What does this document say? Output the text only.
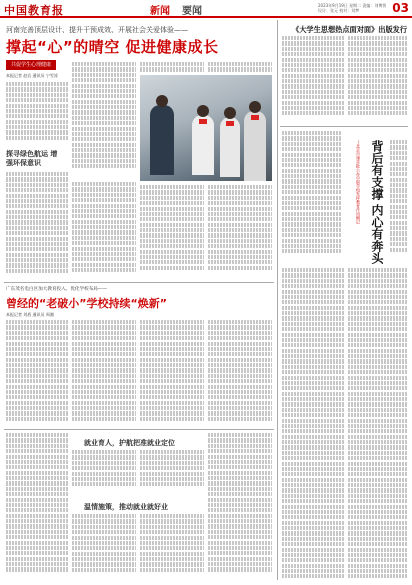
中国教育报	新闻 要闻
2023年9月19日 星期二 责编：刘博智 设计：张元 校对：刘梦	03
河南完善顶层设计、提升干预成效、开展社会关爱体验——
撑起“心”的晴空 促进健康成长
共促学生心理健康
本报记者 赵岩 通讯员 宁雪涛
探寻绿色航运 增强环保意识
广东茂名电白区加大教育投入、优化学校布局——
曾经的“老破小”学校持续“焕新”
本报记者 刘盾 通讯员 周湘
就业育人，护航把准就业定位
温情施策，推动就业就好业
《大学生思想热点面对面》出版发行
背后有支撑 内心有奔头
—北京市建首批公办中职学校发挥教育作用侧记
